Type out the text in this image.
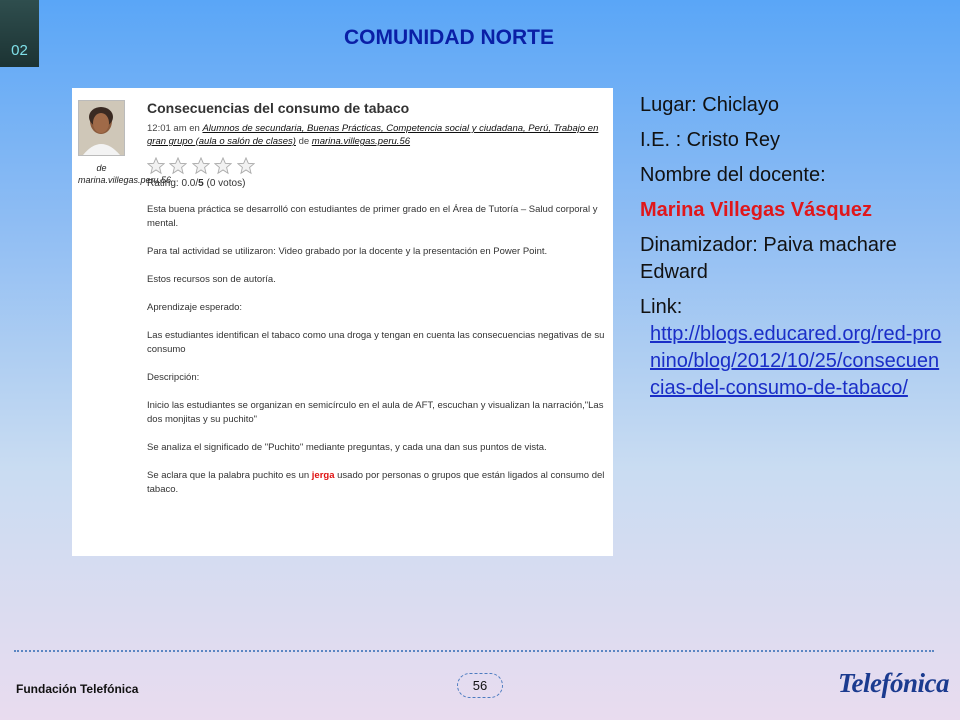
02
COMUNIDAD NORTE
de marina.villegas.peru.56
Consecuencias del consumo de tabaco
12:01 am en Alumnos de secundaria, Buenas Prácticas, Competencia social y ciudadana, Perú, Trabajo en gran grupo (aula o salón de clases) de marina.villegas.peru.56

Rating: 0.0/5 (0 votos)
Esta buena práctica se desarrolló con estudiantes de primer grado en el Área de Tutoría – Salud corporal y mental.
Para tal actividad se utilizaron: Video grabado por la docente y la presentación en Power Point.
Estos recursos son de autoría.
Aprendizaje esperado:
Las estudiantes identifican el tabaco como una droga y tengan en cuenta las consecuencias negativas de su consumo
Descripción:
Inicio las estudiantes se organizan en semicírculo en el aula de AFT, escuchan y visualizan la narración,"Las dos monjitas y su puchito"
Se analiza el significado de "Puchito" mediante preguntas, y cada una dan sus puntos de vista.
Se aclara que la palabra puchito es un jerga usado por personas o grupos que están ligados al consumo del tabaco.
Lugar: Chiclayo
I.E. : Cristo Rey
Nombre del docente:
Marina Villegas Vásquez
Dinamizador: Paiva machare Edward
Link:
http://blogs.educared.org/red-pronino/blog/2012/10/25/consecuencias-del-consumo-de-tabaco/
Fundación Telefónica	56	Telefónica
